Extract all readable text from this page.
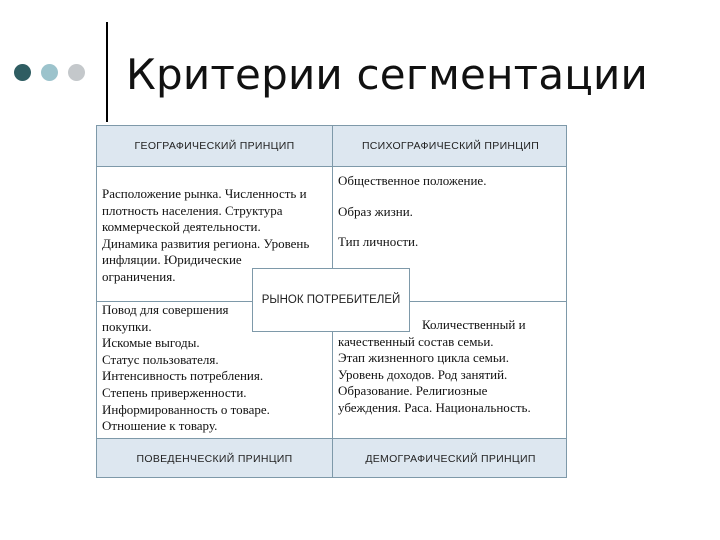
Критерии сегментации
ГЕОГРАФИЧЕСКИЙ ПРИНЦИП	ПСИХОГРАФИЧЕСКИЙ ПРИНЦИП
ПОВЕДЕНЧЕСКИЙ ПРИНЦИП	ДЕМОГРАФИЧЕСКИЙ ПРИНЦИП
Расположение рынка. Численность и
плотность населения. Структура
коммерческой деятельности.
Динамика развития региона. Уровень
инфляции. Юридические
ограничения.
Общественное положение.
Образ жизни.
Тип личности.
Повод для совершения
покупки.
Искомые выгоды.
Статус пользователя.
Интенсивность потребления.
Степень приверженности.
Информированность о товаре.
Отношение к товару.
Количественный и
качественный состав семьи.
Этап жизненного цикла семьи.
Уровень доходов. Род занятий.
Образование. Религиозные
убеждения. Раса. Национальность.
РЫНОК ПОТРЕБИТЕЛЕЙ
